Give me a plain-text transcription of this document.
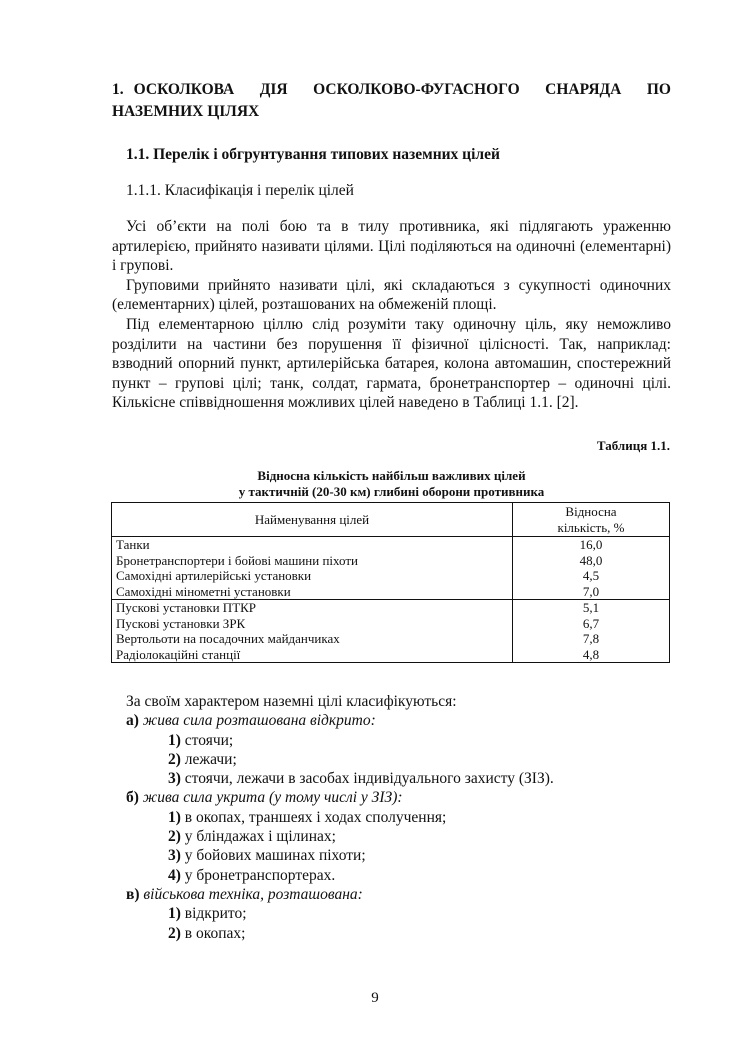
1. ОСКОЛКОВА ДІЯ ОСКОЛКОВО-ФУГАСНОГО СНАРЯДА ПО НАЗЕМНИХ ЦІЛЯХ
1.1. Перелік і обгрунтування типових наземних цілей
1.1.1. Класифікація і перелік цілей

Усі об’єкти на полі бою та в тилу противника, які підлягають ураженню артилерією, прийнято називати цілями. Цілі поділяються на одиночні (елементарні) і групові.

Груповими прийнято називати цілі, які складаються з сукупності одиночних (елементарних) цілей, розташованих на обмеженій площі.

Під елементарною ціллю слід розуміти таку одиночну ціль, яку неможливо розділити на частини без порушення її фізичної цілісності. Так, наприклад: взводний опорний пункт, артилерійська батарея, колона автомашин, спостережний пункт – групові цілі; танк, солдат, гармата, бронетранспортер – одиночні цілі. Кількісне співвідношення можливих цілей наведено в Таблиці 1.1. [2].

Таблиця 1.1.
Відносна кількість найбільш важливих цілей
у тактичній (20-30 км) глибині оборони противника
Найменування цілей	Відносна
кількість, %

Танки	16,0
Бронетранспортери і бойові машини піхоти	48,0
Самохідні артилерійські установки	4,5
Самохідні мінометні установки	7,0
Пускові установки ПТКР	5,1
Пускові установки ЗРК	6,7
Вертольоти на посадочних майданчиках	7,8
Радіолокаційні станції	4,8
За своїм характером наземні цілі класифікуються:
а) жива сила розташована відкрито:
1) стоячи;
2) лежачи;
3) стоячи, лежачи в засобах індивідуального захисту (ЗІЗ).
б) жива сила укрита (у тому числі у ЗІЗ):
1) в окопах, траншеях і ходах сполучення;
2) у бліндажах і щілинах;
3) у бойових машинах піхоти;
4) у бронетранспортерах.
в) військова техніка, розташована:
1) відкрито;
2) в окопах;
9
